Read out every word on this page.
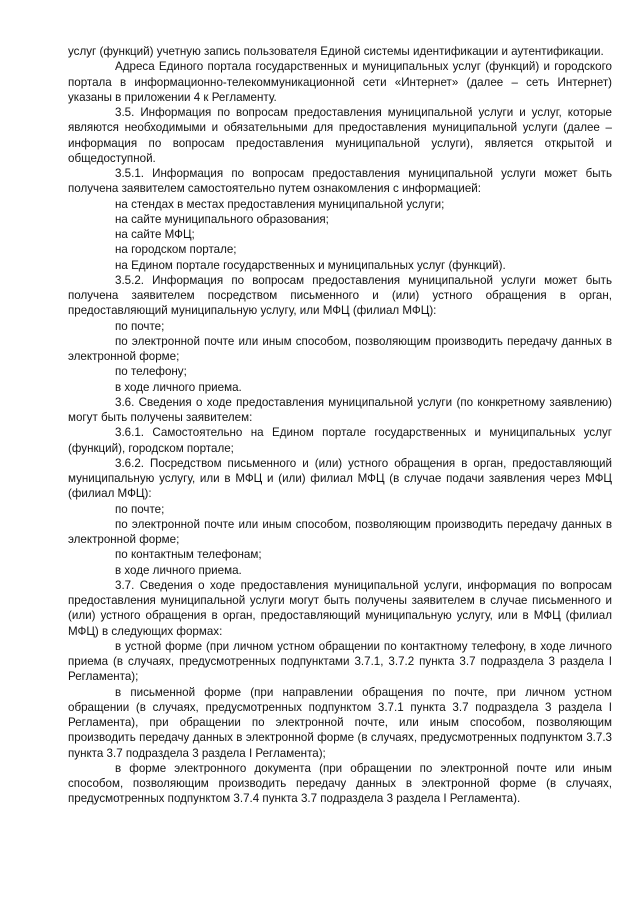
услуг (функций) учетную запись пользователя Единой системы идентификации и аутентификации.

Адреса Единого портала государственных и муниципальных услуг (функций) и городского портала в информационно-телекоммуникационной сети «Интернет» (далее – сеть Интернет) указаны в приложении 4 к Регламенту.

3.5. Информация по вопросам предоставления муниципальной услуги и услуг, которые являются необходимыми и обязательными для предоставления муниципальной услуги (далее – информация по вопросам предоставления муниципальной услуги), является открытой и общедоступной.

3.5.1. Информация по вопросам предоставления муниципальной услуги может быть получена заявителем самостоятельно путем ознакомления с информацией:

на стендах в местах предоставления муниципальной услуги;

на сайте муниципального образования;

на сайте МФЦ;

на городском портале;

на Едином портале государственных и муниципальных услуг (функций).

3.5.2. Информация по вопросам предоставления муниципальной услуги может быть получена заявителем посредством письменного и (или) устного обращения в орган, предоставляющий муниципальную услугу, или МФЦ (филиал МФЦ):

по почте;

по электронной почте или иным способом, позволяющим производить передачу данных в электронной форме;

по телефону;

в ходе личного приема.

3.6. Сведения о ходе предоставления муниципальной услуги (по конкретному заявлению) могут быть получены заявителем:

3.6.1. Самостоятельно на Едином портале государственных и муниципальных услуг (функций), городском портале;

3.6.2. Посредством письменного и (или) устного обращения в орган, предоставляющий муниципальную услугу, или в МФЦ и (или) филиал МФЦ (в случае подачи заявления через МФЦ (филиал МФЦ):

по почте;

по электронной почте или иным способом, позволяющим производить передачу данных в электронной форме;

по контактным телефонам;

в ходе личного приема.

3.7. Сведения о ходе предоставления муниципальной услуги, информация по вопросам предоставления муниципальной услуги могут быть получены заявителем в случае письменного и (или) устного обращения в орган, предоставляющий муниципальную услугу, или в МФЦ (филиал МФЦ) в следующих формах:

в устной форме (при личном устном обращении по контактному телефону, в ходе личного приема (в случаях, предусмотренных подпунктами 3.7.1, 3.7.2 пункта 3.7 подраздела 3 раздела I Регламента);

в письменной форме (при направлении обращения по почте, при личном устном обращении (в случаях, предусмотренных подпунктом 3.7.1 пункта 3.7 подраздела 3 раздела I Регламента), при обращении по электронной почте, или иным способом, позволяющим производить передачу данных в электронной форме (в случаях, предусмотренных подпунктом 3.7.3 пункта 3.7 подраздела 3 раздела I Регламента);

в форме электронного документа (при обращении по электронной почте или иным способом, позволяющим производить передачу данных в электронной форме (в случаях, предусмотренных подпунктом 3.7.4 пункта 3.7 подраздела 3 раздела I Регламента).
